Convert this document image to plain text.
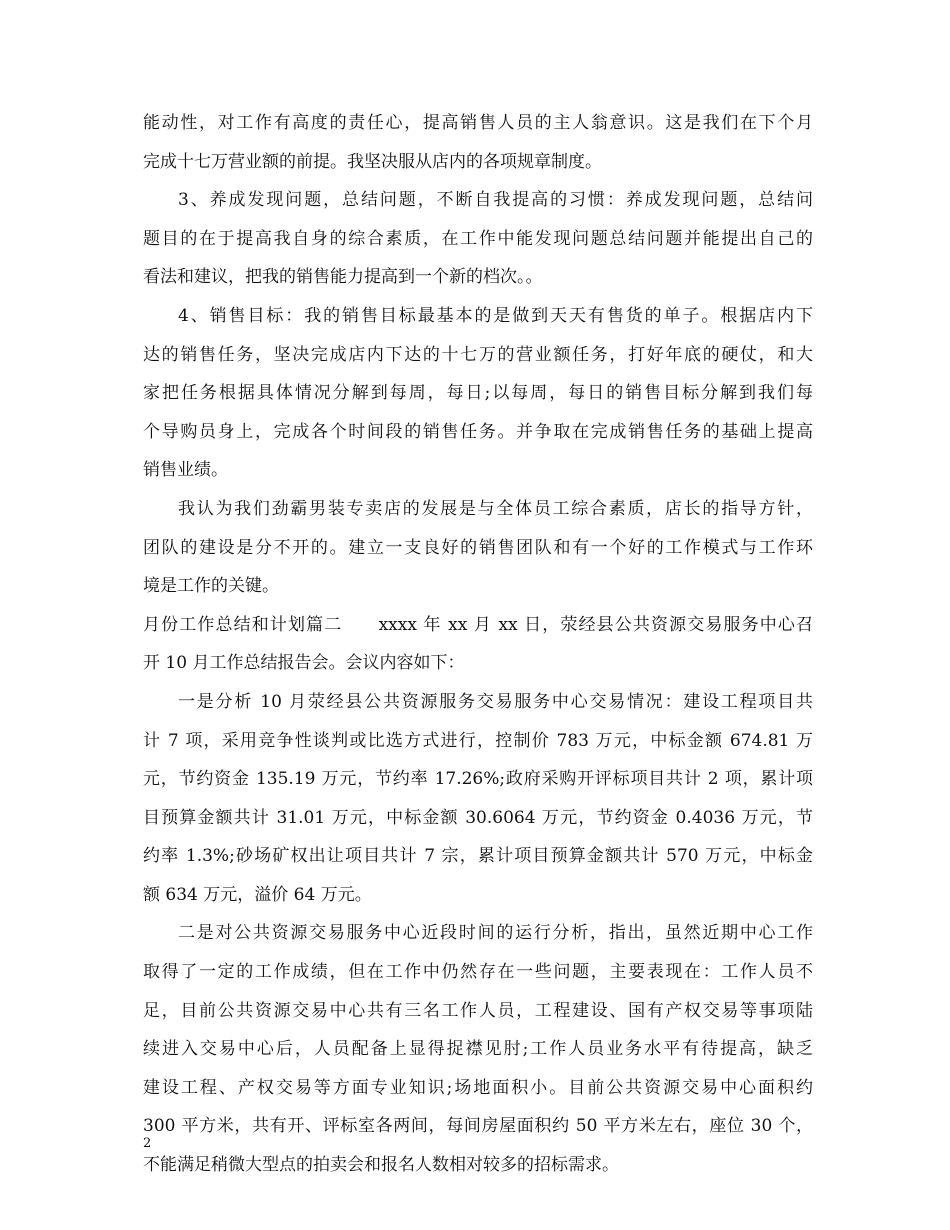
能动性，对工作有高度的责任心，提高销售人员的主人翁意识。这是我们在下个月
完成十七万营业额的前提。我坚决服从店内的各项规章制度。
3、养成发现问题，总结问题，不断自我提高的习惯：养成发现问题，总结问
题目的在于提高我自身的综合素质，在工作中能发现问题总结问题并能提出自己的
看法和建议，把我的销售能力提高到一个新的档次。。
4、销售目标：我的销售目标最基本的是做到天天有售货的单子。根据店内下
达的销售任务，坚决完成店内下达的十七万的营业额任务，打好年底的硬仗，和大
家把任务根据具体情况分解到每周，每日;以每周，每日的销售目标分解到我们每
个导购员身上，完成各个时间段的销售任务。并争取在完成销售任务的基础上提高
销售业绩。
我认为我们劲霸男装专卖店的发展是与全体员工综合素质，店长的指导方针，
团队的建设是分不开的。建立一支良好的销售团队和有一个好的工作模式与工作环
境是工作的关键。
月份工作总结和计划篇二　　xxxx 年 xx 月 xx 日，荥经县公共资源交易服务中心召
开 10 月工作总结报告会。会议内容如下：
一是分析 10 月荥经县公共资源服务交易服务中心交易情况：建设工程项目共
计 7 项，采用竞争性谈判或比选方式进行，控制价 783 万元，中标金额 674.81 万
元，节约资金 135.19 万元，节约率 17.26%;政府采购开评标项目共计 2 项，累计项
目预算金额共计 31.01 万元，中标金额 30.6064 万元，节约资金 0.4036 万元，节
约率 1.3%;砂场矿权出让项目共计 7 宗，累计项目预算金额共计 570 万元，中标金
额 634 万元，溢价 64 万元。
二是对公共资源交易服务中心近段时间的运行分析，指出，虽然近期中心工作
取得了一定的工作成绩，但在工作中仍然存在一些问题，主要表现在：工作人员不
足，目前公共资源交易中心共有三名工作人员，工程建设、国有产权交易等事项陆
续进入交易中心后，人员配备上显得捉襟见肘;工作人员业务水平有待提高，缺乏
建设工程、产权交易等方面专业知识;场地面积小。目前公共资源交易中心面积约
300 平方米，共有开、评标室各两间，每间房屋面积约 50 平方米左右，座位 30 个，
不能满足稍微大型点的拍卖会和报名人数相对较多的招标需求。
2
